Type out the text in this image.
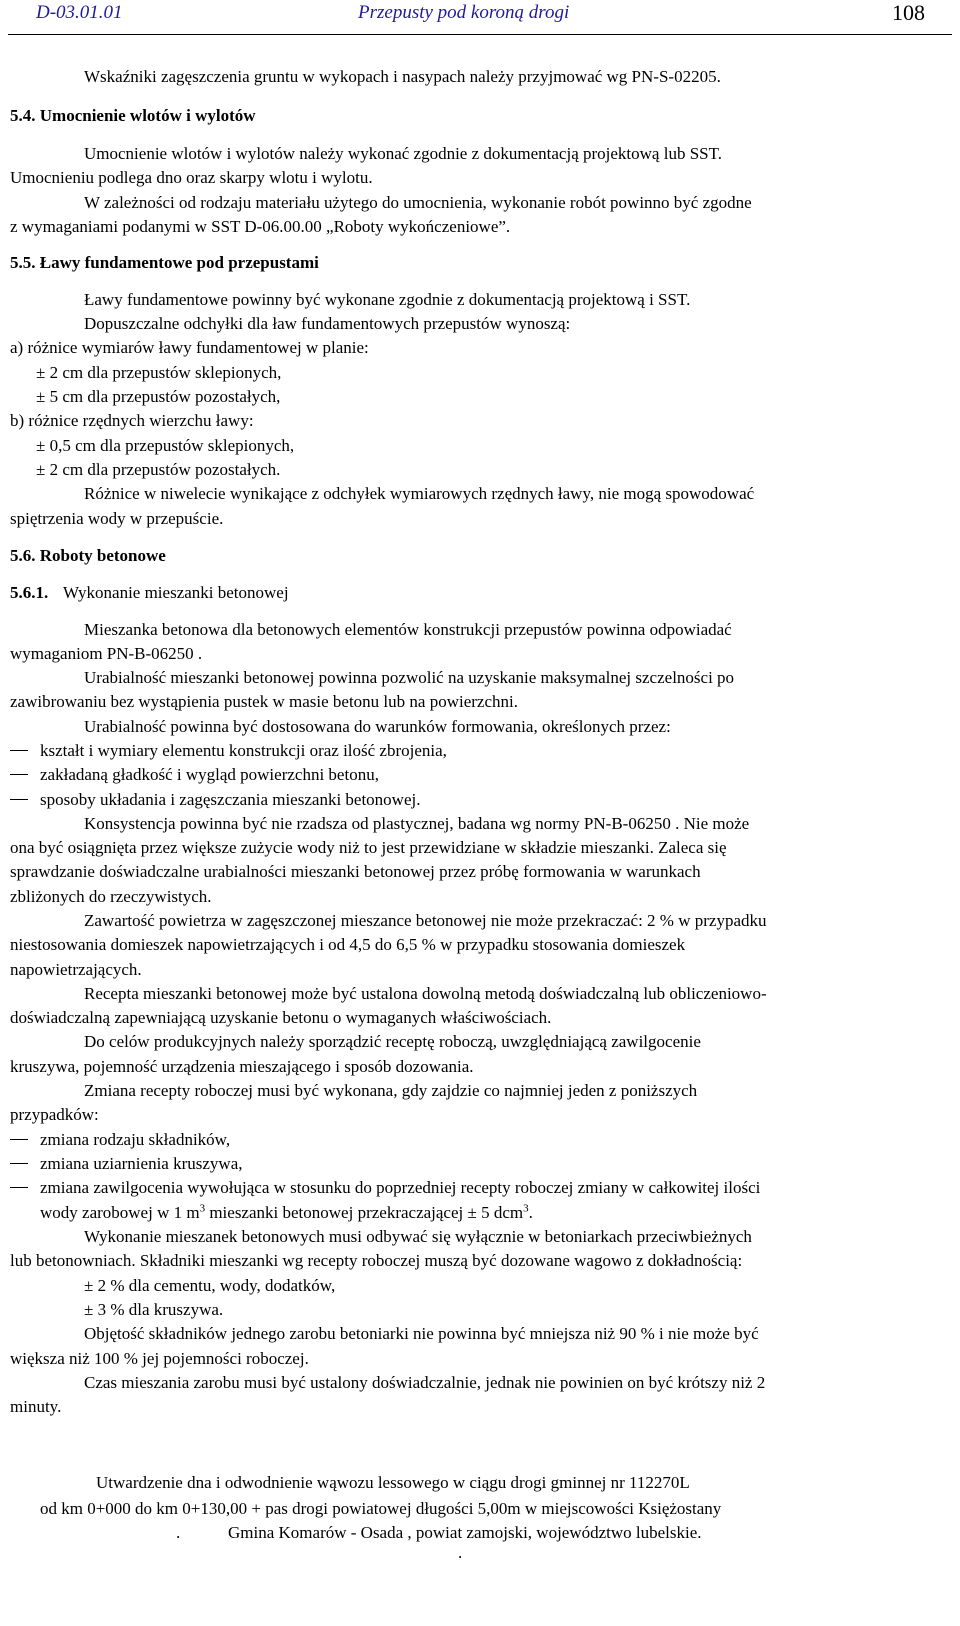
D-03.01.01	Przepusty pod koroną drogi	108
Wskaźniki zagęszczenia gruntu w wykopach i nasypach należy przyjmować wg PN-S-02205.
5.4. Umocnienie wlotów i wylotów
Umocnienie wlotów i wylotów należy wykonać zgodnie z dokumentacją projektową lub SST.
Umocnieniu podlega dno oraz skarpy wlotu i wylotu.
W zależności od rodzaju materiału użytego do umocnienia, wykonanie robót powinno być zgodne
z wymaganiami podanymi w SST D-06.00.00 „Roboty wykończeniowe”.
5.5. Ławy fundamentowe pod przepustami
Ławy fundamentowe powinny być wykonane zgodnie z dokumentacją projektową i SST.
Dopuszczalne odchyłki dla ław fundamentowych przepustów wynoszą:
a) różnice wymiarów ławy fundamentowej w planie:
± 2 cm dla przepustów sklepionych,
± 5 cm dla przepustów pozostałych,
b) różnice rzędnych wierzchu ławy:
± 0,5 cm dla przepustów sklepionych,
± 2 cm dla przepustów pozostałych.
Różnice w niwelecie wynikające z odchyłek wymiarowych rzędnych ławy, nie mogą spowodować
spiętrzenia wody w przepuście.
5.6. Roboty betonowe
5.6.1. Wykonanie mieszanki betonowej
Mieszanka betonowa dla betonowych elementów konstrukcji przepustów powinna odpowiadać
wymaganiom PN-B-06250 .
Urabialność mieszanki betonowej powinna pozwolić na uzyskanie maksymalnej szczelności po
zawibrowaniu bez wystąpienia pustek w masie betonu lub na powierzchni.
Urabialność powinna być dostosowana do warunków formowania, określonych przez:
kształt i wymiary elementu konstrukcji oraz ilość zbrojenia,
zakładaną gładkość i wygląd powierzchni betonu,
sposoby układania i zagęszczania mieszanki betonowej.
Konsystencja powinna być nie rzadsza od plastycznej, badana wg normy PN-B-06250 . Nie może
ona być osiągnięta przez większe zużycie wody niż to jest przewidziane w składzie mieszanki. Zaleca się
sprawdzanie doświadczalne urabialności mieszanki betonowej przez próbę formowania w warunkach
zbliżonych do rzeczywistych.
Zawartość powietrza w zagęszczonej mieszance betonowej nie może przekraczać: 2 % w przypadku
niestosowania domieszek napowietrzających i od 4,5 do 6,5 % w przypadku stosowania domieszek
napowietrzających.
Recepta mieszanki betonowej może być ustalona dowolną metodą doświadczalną lub obliczeniowo-
doświadczalną zapewniającą uzyskanie betonu o wymaganych właściwościach.
Do celów produkcyjnych należy sporządzić receptę roboczą, uwzględniającą zawilgocenie
kruszywa, pojemność urządzenia mieszającego i sposób dozowania.
Zmiana recepty roboczej musi być wykonana, gdy zajdzie co najmniej jeden z poniższych
przypadków:
zmiana rodzaju składników,
zmiana uziarnienia kruszywa,
zmiana zawilgocenia wywołująca w stosunku do poprzedniej recepty roboczej zmiany w całkowitej ilości
wody zarobowej w 1 $m^3$ mieszanki betonowej przekraczającej ± 5 dcm$^3$.
Wykonanie mieszanek betonowych musi odbywać się wyłącznie w betoniarkach przeciwbieżnych
lub betonowniach. Składniki mieszanki wg recepty roboczej muszą być dozowane wagowo z dokładnością:
± 2 % dla cementu, wody, dodatków,
± 3 % dla kruszywa.
Objętość składników jednego zarobu betoniarki nie powinna być mniejsza niż 90 % i nie może być
większa niż 100 % jej pojemności roboczej.
Czas mieszania zarobu musi być ustalony doświadczalnie, jednak nie powinien on być krótszy niż 2
minuty.
Utwardzenie dna i odwodnienie wąwozu lessowego w ciągu drogi gminnej nr 112270L
od km 0+000 do km 0+130,00 + pas drogi powiatowej długości 5,00m w miejscowości Księżostany
.	Gmina Komarów - Osada , powiat zamojski, województwo lubelskie.
.
